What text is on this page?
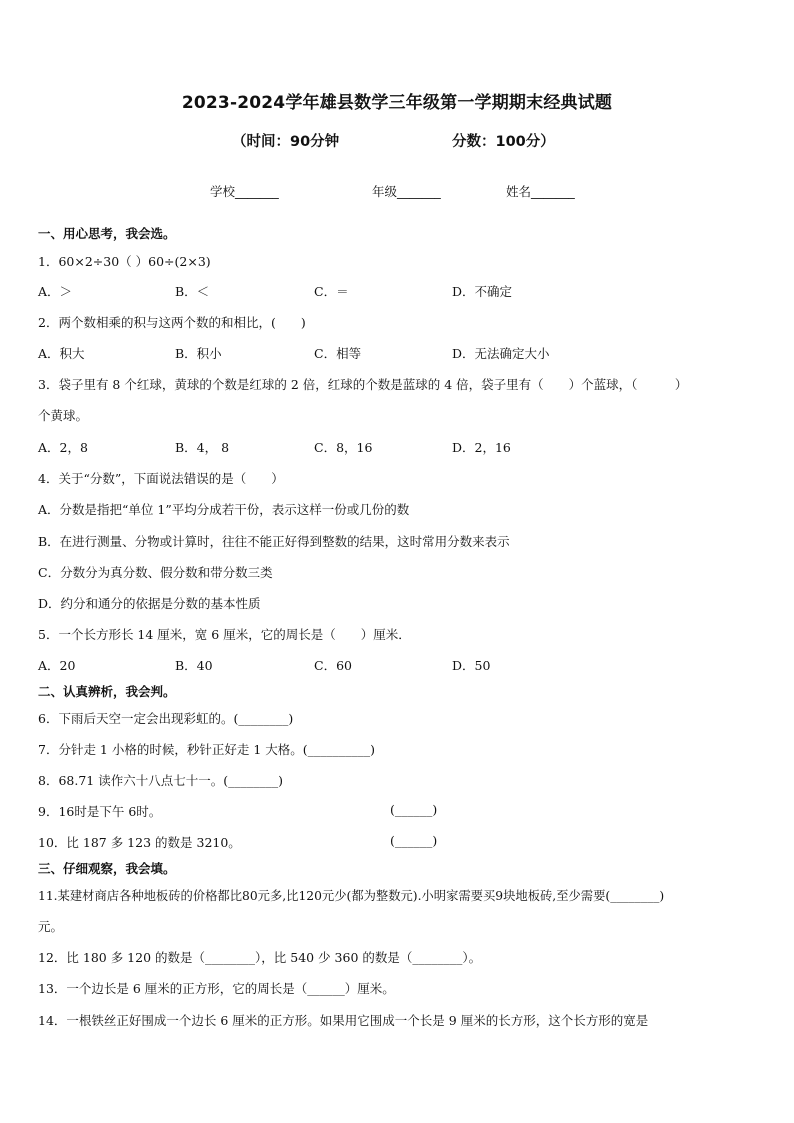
2023-2024学年雄县数学三年级第一学期期末经典试题
（时间：90分钟	分数：100分）
学校_______	年级_______	姓名_______
一、用心思考，我会选。
1．60×2÷30（ ）60÷(2×3)
A．＞	B．＜	C．＝	D．不确定
2．两个数相乘的积与这两个数的和相比，(　　)
A．积大	B．积小	C．相等	D．无法确定大小
3．袋子里有 8 个红球，黄球的个数是红球的 2 倍，红球的个数是蓝球的 4 倍，袋子里有（　　）个蓝球，（　　　）
个黄球。
A．2，8	B．4， 8	C．8，16	D．2，16
4．关于“分数”，下面说法错误的是（　　）
A．分数是指把“单位 1”平均分成若干份，表示这样一份或几份的数
B．在进行测量、分物或计算时，往往不能正好得到整数的结果，这时常用分数来表示
C．分数分为真分数、假分数和带分数三类
D．约分和通分的依据是分数的基本性质
5．一个长方形长 14 厘米，宽 6 厘米，它的周长是（　　）厘米．
A．20	B．40	C．60	D．50
二、认真辨析，我会判。
6．下雨后天空一定会出现彩虹的。(________)
7．分针走 1 小格的时候，秒针正好走 1 大格。(__________)
8．68.71 读作六十八点七十一。(________)
9．16时是下午 6时。	(______)
10．比 187 多 123 的数是 3210。	(______)
三、仔细观察，我会填。
11.某建材商店各种地板砖的价格都比80元多,比120元少(都为整数元).小明家需要买9块地板砖,至少需要(________)
元。
12．比 180 多 120 的数是（________），比 540 少 360 的数是（________）。
13．一个边长是 6 厘米的正方形，它的周长是（______）厘米。
14．一根铁丝正好围成一个边长 6 厘米的正方形。如果用它围成一个长是 9 厘米的长方形，这个长方形的宽是
